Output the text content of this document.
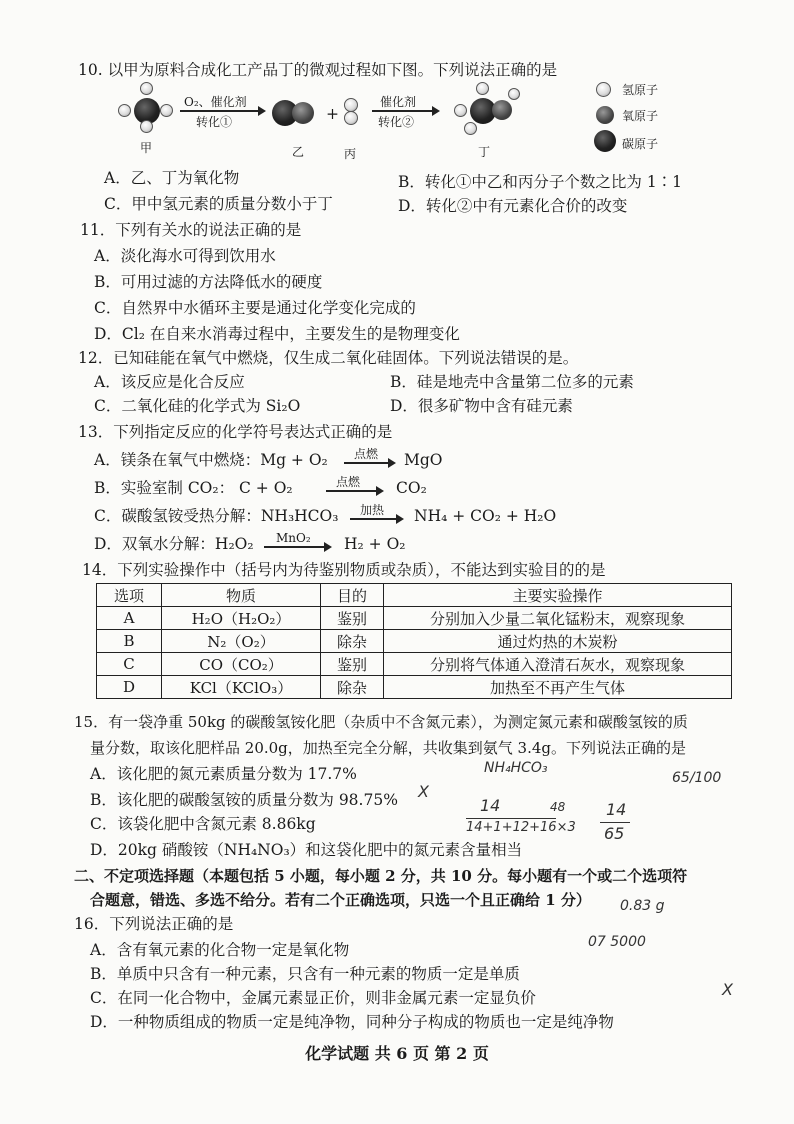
10. 以甲为原料合成化工产品丁的微观过程如下图。下列说法正确的是
甲
O₂、催化剂
转化①
乙
+
丙
催化剂
转化②
丁
氢原子
氧原子
碳原子
A．乙、丁为氧化物	B．转化①中乙和丙分子个数之比为 1∶1
C．甲中氢元素的质量分数小于丁	D．转化②中有元素化合价的改变
11．下列有关水的说法正确的是
A．淡化海水可得到饮用水
B．可用过滤的方法降低水的硬度
C．自然界中水循环主要是通过化学变化完成的
D．Cl₂ 在自来水消毒过程中，主要发生的是物理变化
12．已知硅能在氧气中燃烧，仅生成二氧化硅固体。下列说法错误的是。
A．该反应是化合反应	B．硅是地壳中含量第二位多的元素
C．二氧化硅的化学式为 Si₂O	D．很多矿物中含有硅元素
13．下列指定反应的化学符号表达式正确的是
A．镁条在氧气中燃烧：Mg + O₂ 点燃 MgO
B．实验室制 CO₂： C + O₂	点燃 CO₂
C．碳酸氢铵受热分解：NH₃HCO₃ 加热 NH₄ + CO₂ + H₂O
D．双氧水分解：H₂O₂ MnO₂ H₂ + O₂
14．下列实验操作中（括号内为待鉴别物质或杂质），不能达到实验目的的是
选项	物质	目的	主要实验操作
A	H₂O（H₂O₂）	鉴别	分别加入少量二氧化锰粉末，观察现象
B	N₂（O₂）	除杂	通过灼热的木炭粉
C	CO（CO₂）	鉴别	分别将气体通入澄清石灰水，观察现象
D	KCl（KClO₃）	除杂	加热至不再产生气体
15．有一袋净重 50kg 的碳酸氢铵化肥（杂质中不含氮元素），为测定氮元素和碳酸氢铵的质
量分数，取该化肥样品 20.0g，加热至完全分解，共收集到氨气 3.4g。下列说法正确的是
A．该化肥的氮元素质量分数为 17.7%
B．该化肥的碳酸氢铵的质量分数为 98.75%
C．该袋化肥中含氮元素 8.86kg
D．20kg 硝酸铵（NH₄NO₃）和这袋化肥中的氮元素含量相当
二、不定项选择题（本题包括 5 小题，每小题 2 分，共 10 分。每小题有一个或二个选项符
合题意，错选、多选不给分。若有二个正确选项，只选一个且正确给 1 分）
16．下列说法正确的是
A．含有氧元素的化合物一定是氧化物
B．单质中只含有一种元素，只含有一种元素的物质一定是单质
C．在同一化合物中，金属元素显正价，则非金属元素一定显负价
D．一种物质组成的物质一定是纯净物，同种分子构成的物质也一定是纯净物
X
NH₄HCO₃
14
14+1+12+16×3
48	14
65
65/100
0.83 g
07 5000
X
化学试题 共 6 页 第 2 页
